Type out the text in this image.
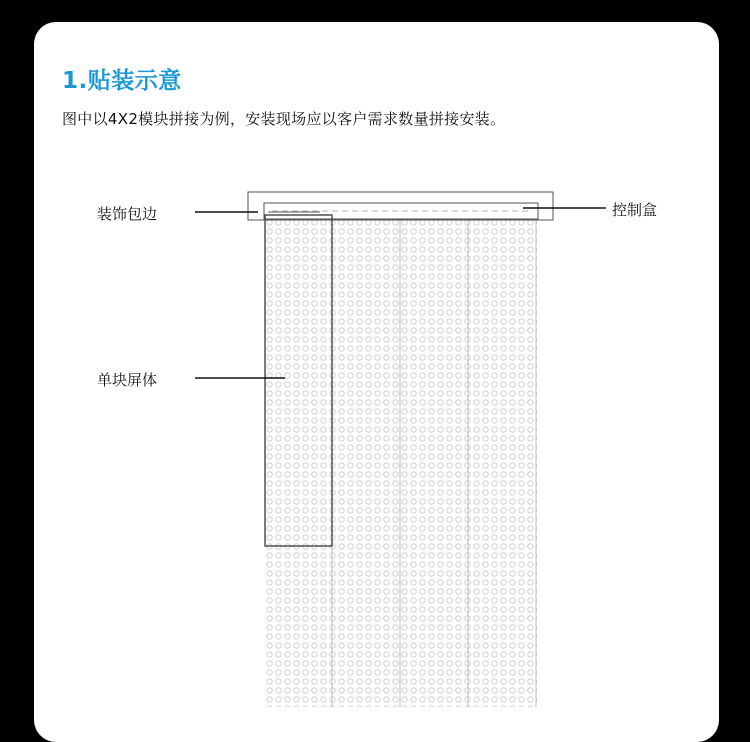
1.贴装示意

图中以4X2模块拼接为例，安装现场应以客户需求数量拼接安装。

装饰包边	控制盒
单块屏体
